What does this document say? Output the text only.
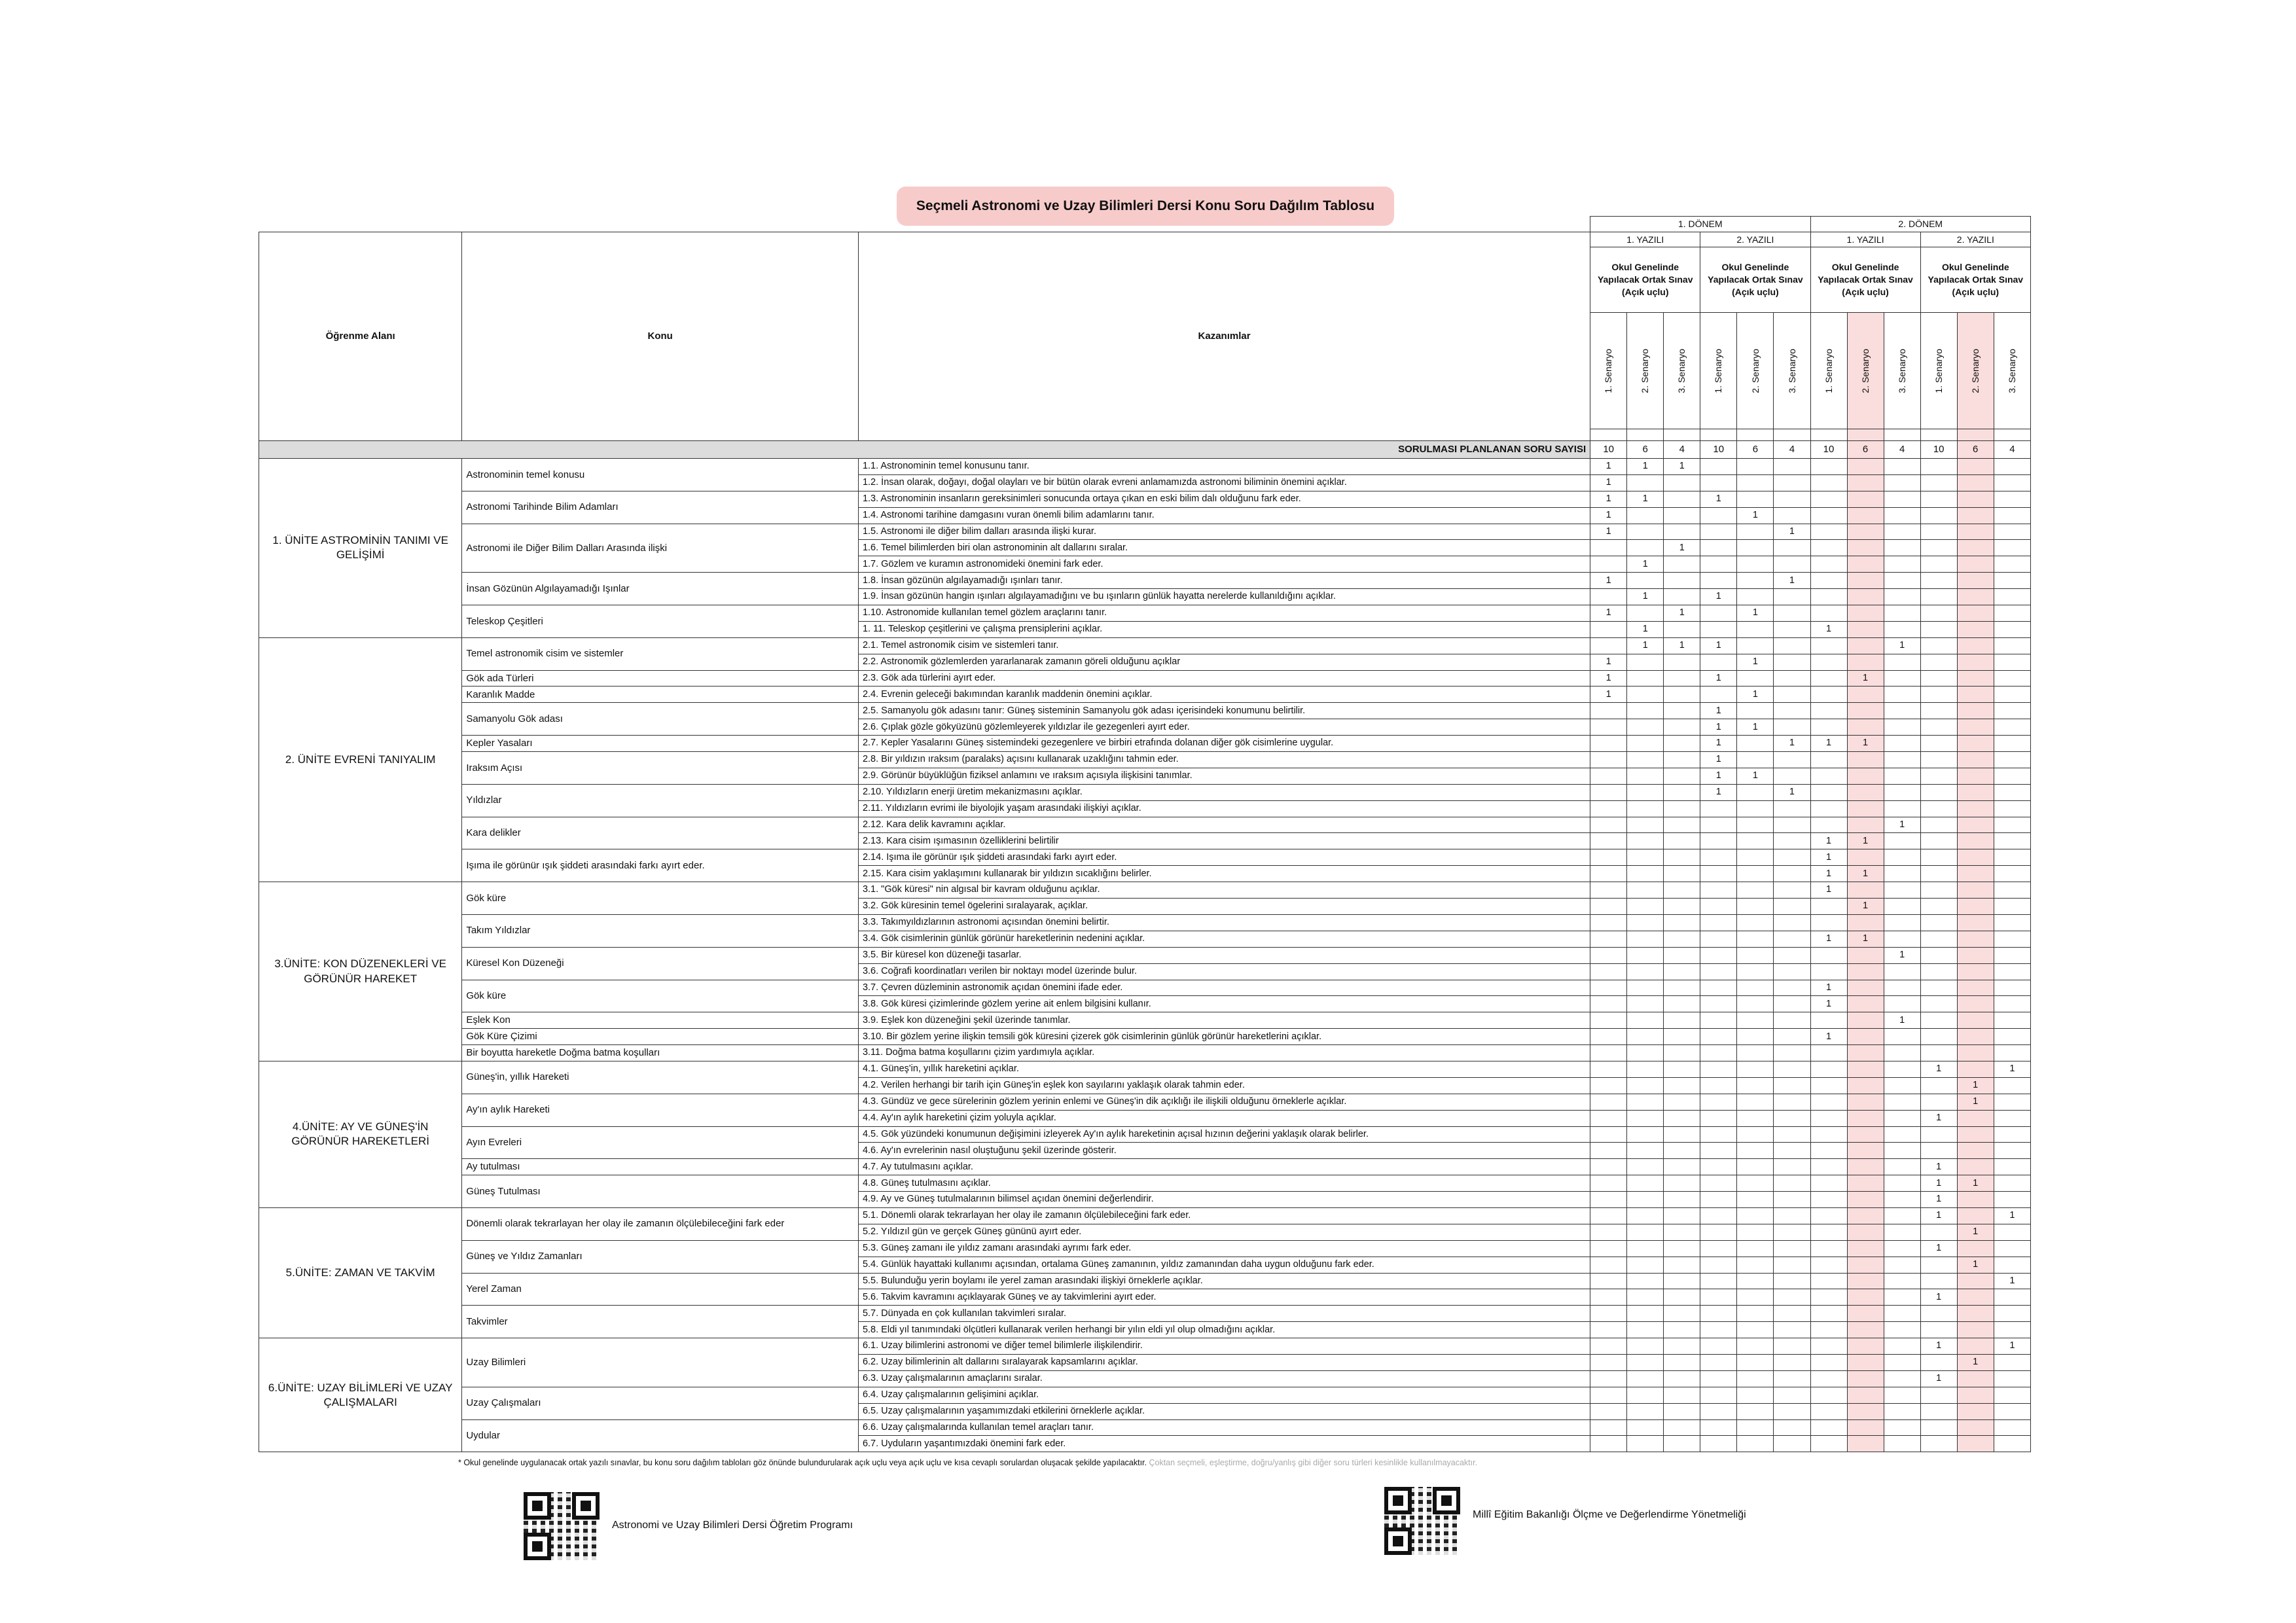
Seçmeli Astronomi ve Uzay Bilimleri Dersi Konu Soru Dağılım Tablosu
			1. DÖNEM						2. DÖNEM					
Öğrenme Alanı	Konu	Kazanımlar	1. YAZILI			2. YAZILI			1. YAZILI			2. YAZILI		
			Okul Genelinde Yapılacak Ortak Sınav (Açık uçlu)			Okul Genelinde Yapılacak Ortak Sınav (Açık uçlu)			Okul Genelinde Yapılacak Ortak Sınav (Açık uçlu)			Okul Genelinde Yapılacak Ortak Sınav (Açık uçlu)		

			1. Senaryo	2. Senaryo	3. Senaryo	1. Senaryo	2. Senaryo	3. Senaryo	1. Senaryo	2. Senaryo	3. Senaryo	1. Senaryo	2. Senaryo	3. Senaryo

SORULMASI PLANLANAN SORU SAYISI			10	6	4	10	6	4	10	6	4	10	6	4
1. ÜNİTE ASTROMİNİN TANIMI VE GELİŞİMİ	Astronominin temel konusu	1.1. Astronominin temel konusunu tanır.	1	1	1									
		1.2. İnsan olarak, doğayı, doğal olayları ve bir bütün olarak evreni anlamamızda astronomi biliminin önemini açıklar.	1											
	Astronomi Tarihinde Bilim Adamları	1.3. Astronominin insanların gereksinimleri sonucunda ortaya çıkan en eski bilim dalı olduğunu fark eder.	1	1		1								
		1.4. Astronomi tarihine damgasını vuran önemli bilim adamlarını tanır.	1				1							
	Astronomi ile Diğer Bilim Dalları Arasında ilişki	1.5. Astronomi ile diğer bilim dalları arasında ilişki kurar.	1					1						
		1.6. Temel bilimlerden biri olan astronominin alt dallarını sıralar.			1									
		1.7. Gözlem ve kuramın astronomideki önemini fark eder.		1										
	İnsan Gözünün Algılayamadığı Işınlar	1.8. İnsan gözünün algılayamadığı ışınları tanır.	1					1						
		1.9. İnsan gözünün hangin ışınları algılayamadığını ve bu ışınların günlük hayatta nerelerde kullanıldığını açıklar.		1		1								
	Teleskop Çeşitleri	1.10. Astronomide kullanılan temel gözlem araçlarını tanır.	1		1		1							
		1. 11. Teleskop çeşitlerini ve çalışma prensiplerini açıklar.		1					1					
2. ÜNİTE EVRENİ TANIYALIM	Temel astronomik cisim ve sistemler	2.1. Temel astronomik cisim ve sistemleri tanır.		1	1	1					1			
		2.2. Astronomik gözlemlerden yararlanarak zamanın göreli olduğunu açıklar	1				1							
	Gök ada Türleri	2.3. Gök ada türlerini ayırt eder.	1			1				1				
	Karanlık Madde	2.4. Evrenin geleceği bakımından karanlık maddenin önemini açıklar.	1				1							
	Samanyolu Gök adası	2.5. Samanyolu gök adasını tanır: Güneş sisteminin Samanyolu gök adası içerisindeki konumunu belirtilir.				1								
		2.6. Çıplak gözle gökyüzünü gözlemleyerek yıldızlar ile gezegenleri ayırt eder.				1	1							
	Kepler Yasaları	2.7. Kepler Yasalarını Güneş sistemindeki gezegenlere ve birbiri etrafında dolanan diğer gök cisimlerine uygular.				1		1	1	1				
	Iraksım Açısı	2.8. Bir yıldızın ıraksım (paralaks) açısını kullanarak uzaklığını tahmin eder.				1								
		2.9. Görünür büyüklüğün fiziksel anlamını ve ıraksım açısıyla ilişkisini tanımlar.				1	1							
	Yıldızlar	2.10. Yıldızların enerji üretim mekanizmasını açıklar.				1		1						
		2.11. Yıldızların evrimi ile biyolojik yaşam arasındaki ilişkiyi açıklar.												
	Kara delikler	2.12. Kara delik kavramını açıklar.									1			
		2.13. Kara cisim ışımasının özelliklerini belirtilir							1	1				
	Işıma ile görünür ışık şiddeti arasındaki farkı ayırt eder.	2.14. Işıma ile görünür ışık şiddeti arasındaki farkı ayırt eder.							1					
		2.15. Kara cisim yaklaşımını kullanarak bir yıldızın sıcaklığını belirler.							1	1				
3.ÜNİTE: KON DÜZENEKLERİ VE GÖRÜNÜR HAREKET	Gök küre	3.1. "Gök küresi" nin algısal bir kavram olduğunu açıklar.							1					
		3.2. Gök küresinin temel ögelerini sıralayarak, açıklar.								1				
	Takım Yıldızlar	3.3. Takımyıldızlarının astronomi açısından önemini belirtir.												
		3.4. Gök cisimlerinin günlük görünür hareketlerinin nedenini açıklar.							1	1				
	Küresel Kon Düzeneği	3.5. Bir küresel kon düzeneği tasarlar.									1			
		3.6. Coğrafi koordinatları verilen bir noktayı model üzerinde bulur.												
	Gök küre	3.7. Çevren düzleminin astronomik açıdan önemini ifade eder.							1					
		3.8. Gök küresi çizimlerinde gözlem yerine ait enlem bilgisini kullanır.							1					
	Eşlek Kon	3.9. Eşlek kon düzeneğini şekil üzerinde tanımlar.									1			
	Gök Küre Çizimi	3.10. Bir gözlem yerine ilişkin temsili gök küresini çizerek gök cisimlerinin günlük görünür hareketlerini açıklar.							1					
	Bir boyutta hareketle Doğma batma koşulları	3.11. Doğma batma koşullarını çizim yardımıyla açıklar.												
4.ÜNİTE: AY VE GÜNEŞ'İN GÖRÜNÜR HAREKETLERİ	Güneş'in, yıllık Hareketi	4.1. Güneş'in, yıllık hareketini açıklar.										1		1
		4.2. Verilen herhangi bir tarih için Güneş'in eşlek kon sayılarını yaklaşık olarak tahmin eder.											1	
	Ay'ın aylık Hareketi	4.3. Gündüz ve gece sürelerinin gözlem yerinin enlemi ve Güneş'in dik açıklığı ile ilişkili olduğunu örneklerle açıklar.											1	
		4.4. Ay'ın aylık hareketini çizim yoluyla açıklar.										1		
	Ayın Evreleri	4.5. Gök yüzündeki konumunun değişimini izleyerek Ay'ın aylık hareketinin açısal hızının değerini yaklaşık olarak belirler.												
		4.6. Ay'ın evrelerinin nasıl oluştuğunu şekil üzerinde gösterir.												
	Ay tutulması	4.7. Ay tutulmasını açıklar.										1		
	Güneş Tutulması	4.8. Güneş tutulmasını açıklar.										1	1	
		4.9. Ay ve Güneş tutulmalarının bilimsel açıdan önemini değerlendirir.										1		
5.ÜNİTE: ZAMAN VE TAKVİM	Dönemli olarak tekrarlayan her olay ile zamanın ölçülebileceğini fark eder	5.1. Dönemli olarak tekrarlayan her olay ile zamanın ölçülebileceğini fark eder.										1		1
		5.2. Yıldızıl gün ve gerçek Güneş gününü ayırt eder.											1	
	Güneş ve Yıldız Zamanları	5.3. Güneş zamanı ile yıldız zamanı arasındaki ayrımı fark eder.										1		
		5.4. Günlük hayattaki kullanımı açısından, ortalama Güneş zamanının, yıldız zamanından daha uygun olduğunu fark eder.											1	
	Yerel Zaman	5.5. Bulunduğu yerin boylamı ile yerel zaman arasındaki ilişkiyi örneklerle açıklar.												1
		5.6. Takvim kavramını açıklayarak Güneş ve ay takvimlerini ayırt eder.										1		
	Takvimler	5.7. Dünyada en çok kullanılan takvimleri sıralar.												
		5.8. Eldi yıl tanımındaki ölçütleri kullanarak verilen herhangi bir yılın eldi yıl olup olmadığını açıklar.												
6.ÜNİTE: UZAY BİLİMLERİ VE UZAY ÇALIŞMALARI	Uzay Bilimleri	6.1. Uzay bilimlerini astronomi ve diğer temel bilimlerle ilişkilendirir.										1		1
		6.2. Uzay bilimlerinin alt dallarını sıralayarak kapsamlarını açıklar.											1	
		6.3. Uzay çalışmalarının amaçlarını sıralar.										1		
	Uzay Çalışmaları	6.4. Uzay çalışmalarının gelişimini açıklar.												
		6.5. Uzay çalışmalarının yaşamımızdaki etkilerini örneklerle açıklar.												
	Uydular	6.6. Uzay çalışmalarında kullanılan temel araçları tanır.												
		6.7. Uyduların yaşantımızdaki önemini fark eder.												
* Okul genelinde uygulanacak ortak yazılı sınavlar, bu konu soru dağılım tabloları göz önünde bulundurularak açık uçlu veya açık uçlu ve kısa cevaplı sorulardan oluşacak şekilde yapılacaktır. Çoktan seçmeli, eşleştirme, doğru/yanlış gibi diğer soru türleri kesinlikle kullanılmayacaktır.
Astronomi ve Uzay Bilimleri Dersi Öğretim Programı
Millî Eğitim Bakanlığı Ölçme ve Değerlendirme Yönetmeliği
